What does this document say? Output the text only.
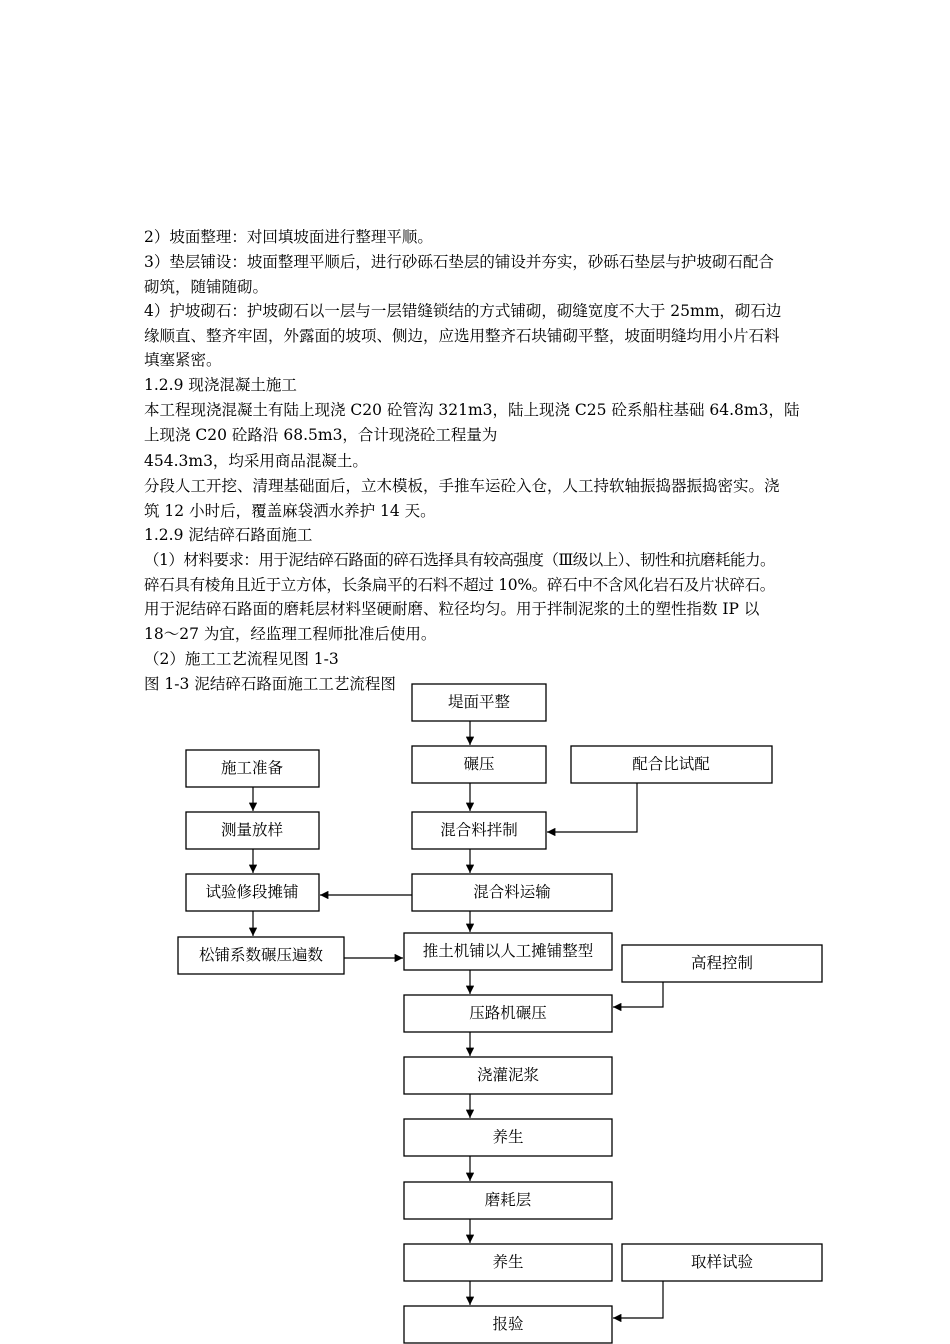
2）坡面整理：对回填坡面进行整理平顺。

3）垫层铺设：坡面整理平顺后，进行砂砾石垫层的铺设并夯实，砂砾石垫层与护坡砌石配合
砌筑，随铺随砌。

4）护坡砌石：护坡砌石以一层与一层错缝锁结的方式铺砌，砌缝宽度不大于 25mm，砌石边
缘顺直、整齐牢固，外露面的坡项、侧边，应选用整齐石块铺砌平整，坡面明缝均用小片石料
填塞紧密。

1.2.9 现浇混凝土施工

本工程现浇混凝土有陆上现浇 C20 砼管沟 321m3，陆上现浇 C25 砼系船柱基础 64.8m3，陆
上现浇 C20 砼路沿 68.5m3，合计现浇砼工程量为

454.3m3，均采用商品混凝土。

分段人工开挖、清理基础面后，立木模板，手推车运砼入仓，人工持软轴振捣器振捣密实。浇
筑 12 小时后，覆盖麻袋洒水养护 14 天。

1.2.9 泥结碎石路面施工

（1）材料要求：用于泥结碎石路面的碎石选择具有较高强度（Ⅲ级以上）、韧性和抗磨耗能力。
碎石具有棱角且近于立方体，长条扁平的石料不超过 10%。碎石中不含风化岩石及片状碎石。
用于泥结碎石路面的磨耗层材料坚硬耐磨、粒径均匀。用于拌制泥浆的土的塑性指数 IP 以
18～27 为宜，经监理工程师批准后使用。

（2）施工工艺流程见图 1-3

图 1-3 泥结碎石路面施工工艺流程图

堤面平整
碾压
混合料拌制
混合料运输
推土机铺以人工摊铺整型
压路机碾压
浇灌泥浆
养生
磨耗层
养生
报验
施工准备
测量放样
试验修段摊铺
松铺系数碾压遍数
配合比试配
高程控制
取样试验
